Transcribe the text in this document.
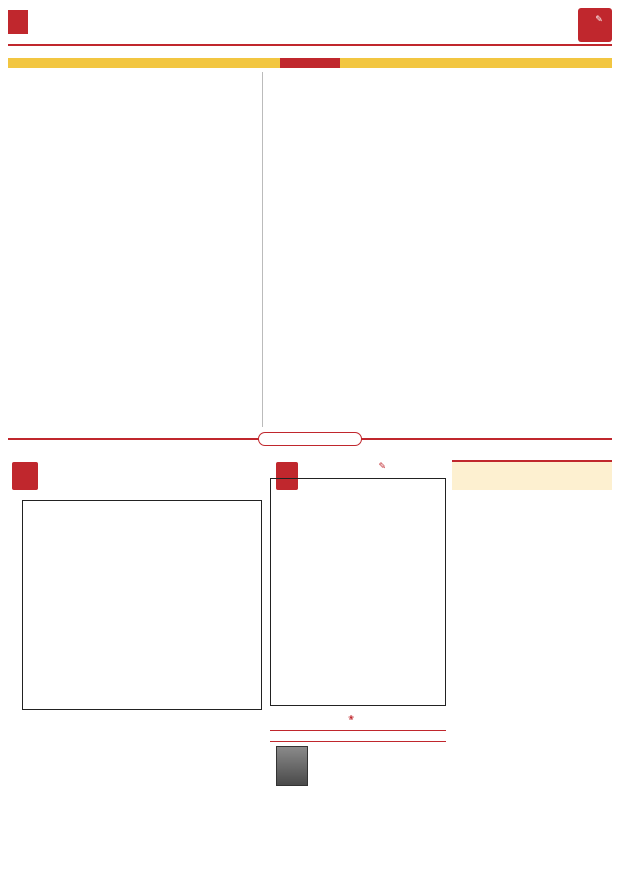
✎

✎
❀
